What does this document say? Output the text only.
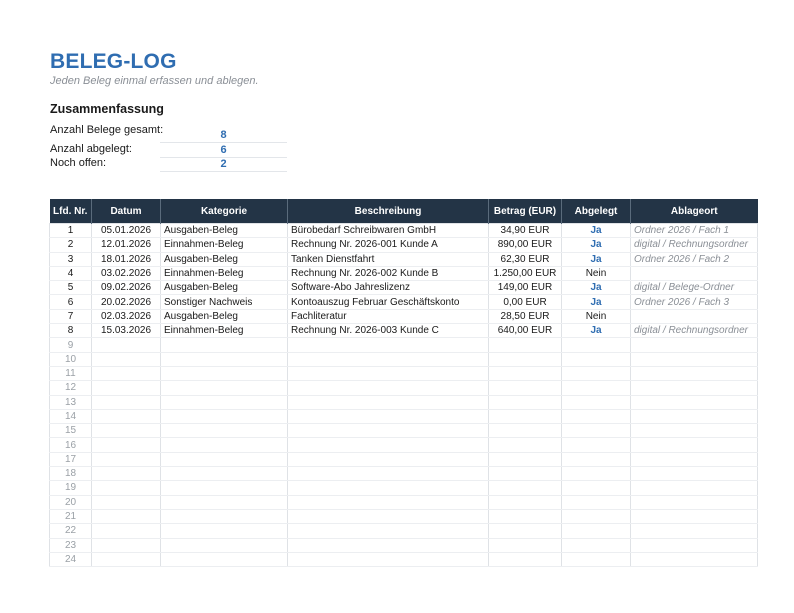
BELEG-LOG
Jeden Beleg einmal erfassen und ablegen.
Zusammenfassung
Anzahl Belege gesamt:	8
Anzahl abgelegt:	6
Noch offen:	2
Lfd. Nr.	Datum	Kategorie	Beschreibung	Betrag (EUR)	Abgelegt	Ablageort
1	05.01.2026	Ausgaben-Beleg	Bürobedarf Schreibwaren GmbH	34,90 EUR	Ja	Ordner 2026 / Fach 1
2	12.01.2026	Einnahmen-Beleg	Rechnung Nr. 2026-001 Kunde A	890,00 EUR	Ja	digital / Rechnungsordner
3	18.01.2026	Ausgaben-Beleg	Tanken Dienstfahrt	62,30 EUR	Ja	Ordner 2026 / Fach 2
4	03.02.2026	Einnahmen-Beleg	Rechnung Nr. 2026-002 Kunde B	1.250,00 EUR	Nein	
5	09.02.2026	Ausgaben-Beleg	Software-Abo Jahreslizenz	149,00 EUR	Ja	digital / Belege-Ordner
6	20.02.2026	Sonstiger Nachweis	Kontoauszug Februar Geschäftskonto	0,00 EUR	Ja	Ordner 2026 / Fach 3
7	02.03.2026	Ausgaben-Beleg	Fachliteratur	28,50 EUR	Nein	
8	15.03.2026	Einnahmen-Beleg	Rechnung Nr. 2026-003 Kunde C	640,00 EUR	Ja	digital / Rechnungsordner
9						
10						
11						
12						
13						
14						
15						
16						
17						
18						
19						
20						
21						
22						
23						
24						
